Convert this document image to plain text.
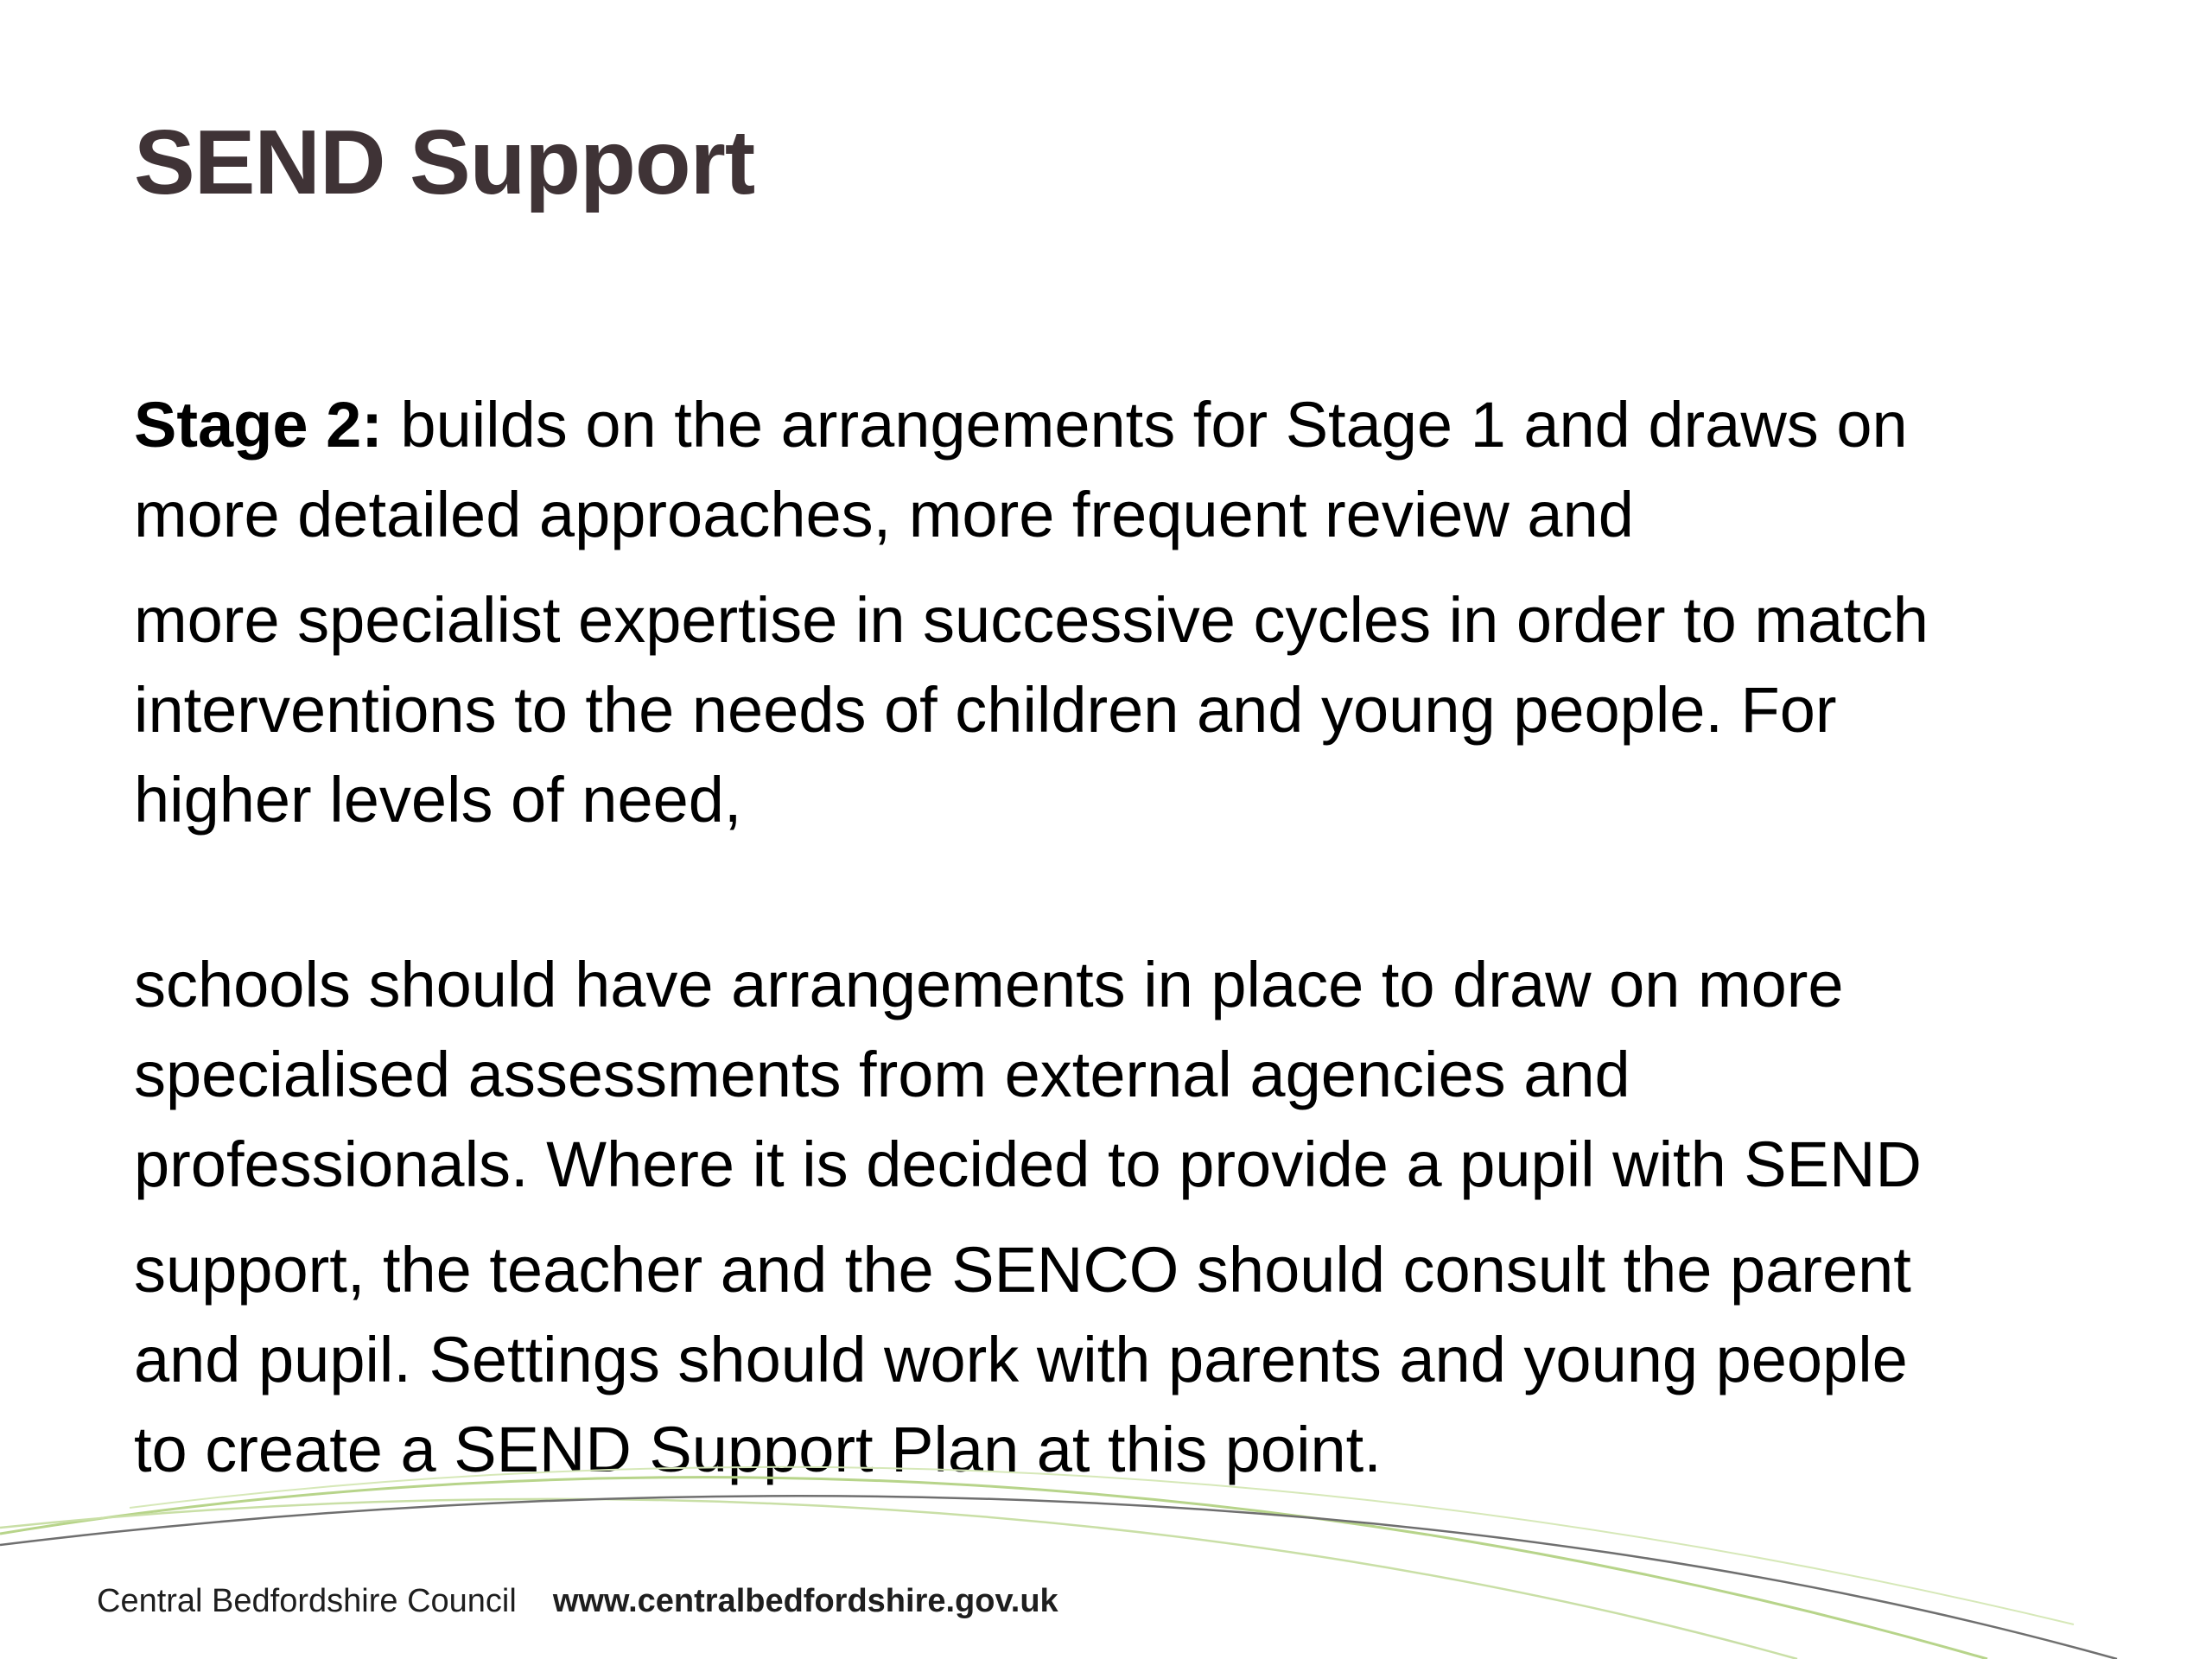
SEND Support

Stage 2: builds on the arrangements for Stage 1 and draws on
more detailed approaches, more frequent review and

more specialist expertise in successive cycles in order to match
interventions to the needs of children and young people. For
higher levels of need,

schools should have arrangements in place to draw on more
specialised assessments from external agencies and
professionals. Where it is decided to provide a pupil with SEND

support, the teacher and the SENCO should consult the parent
and pupil. Settings should work with parents and young people
to create a SEND Support Plan at this point.

Central Bedfordshire Council www.centralbedfordshire.gov.uk
